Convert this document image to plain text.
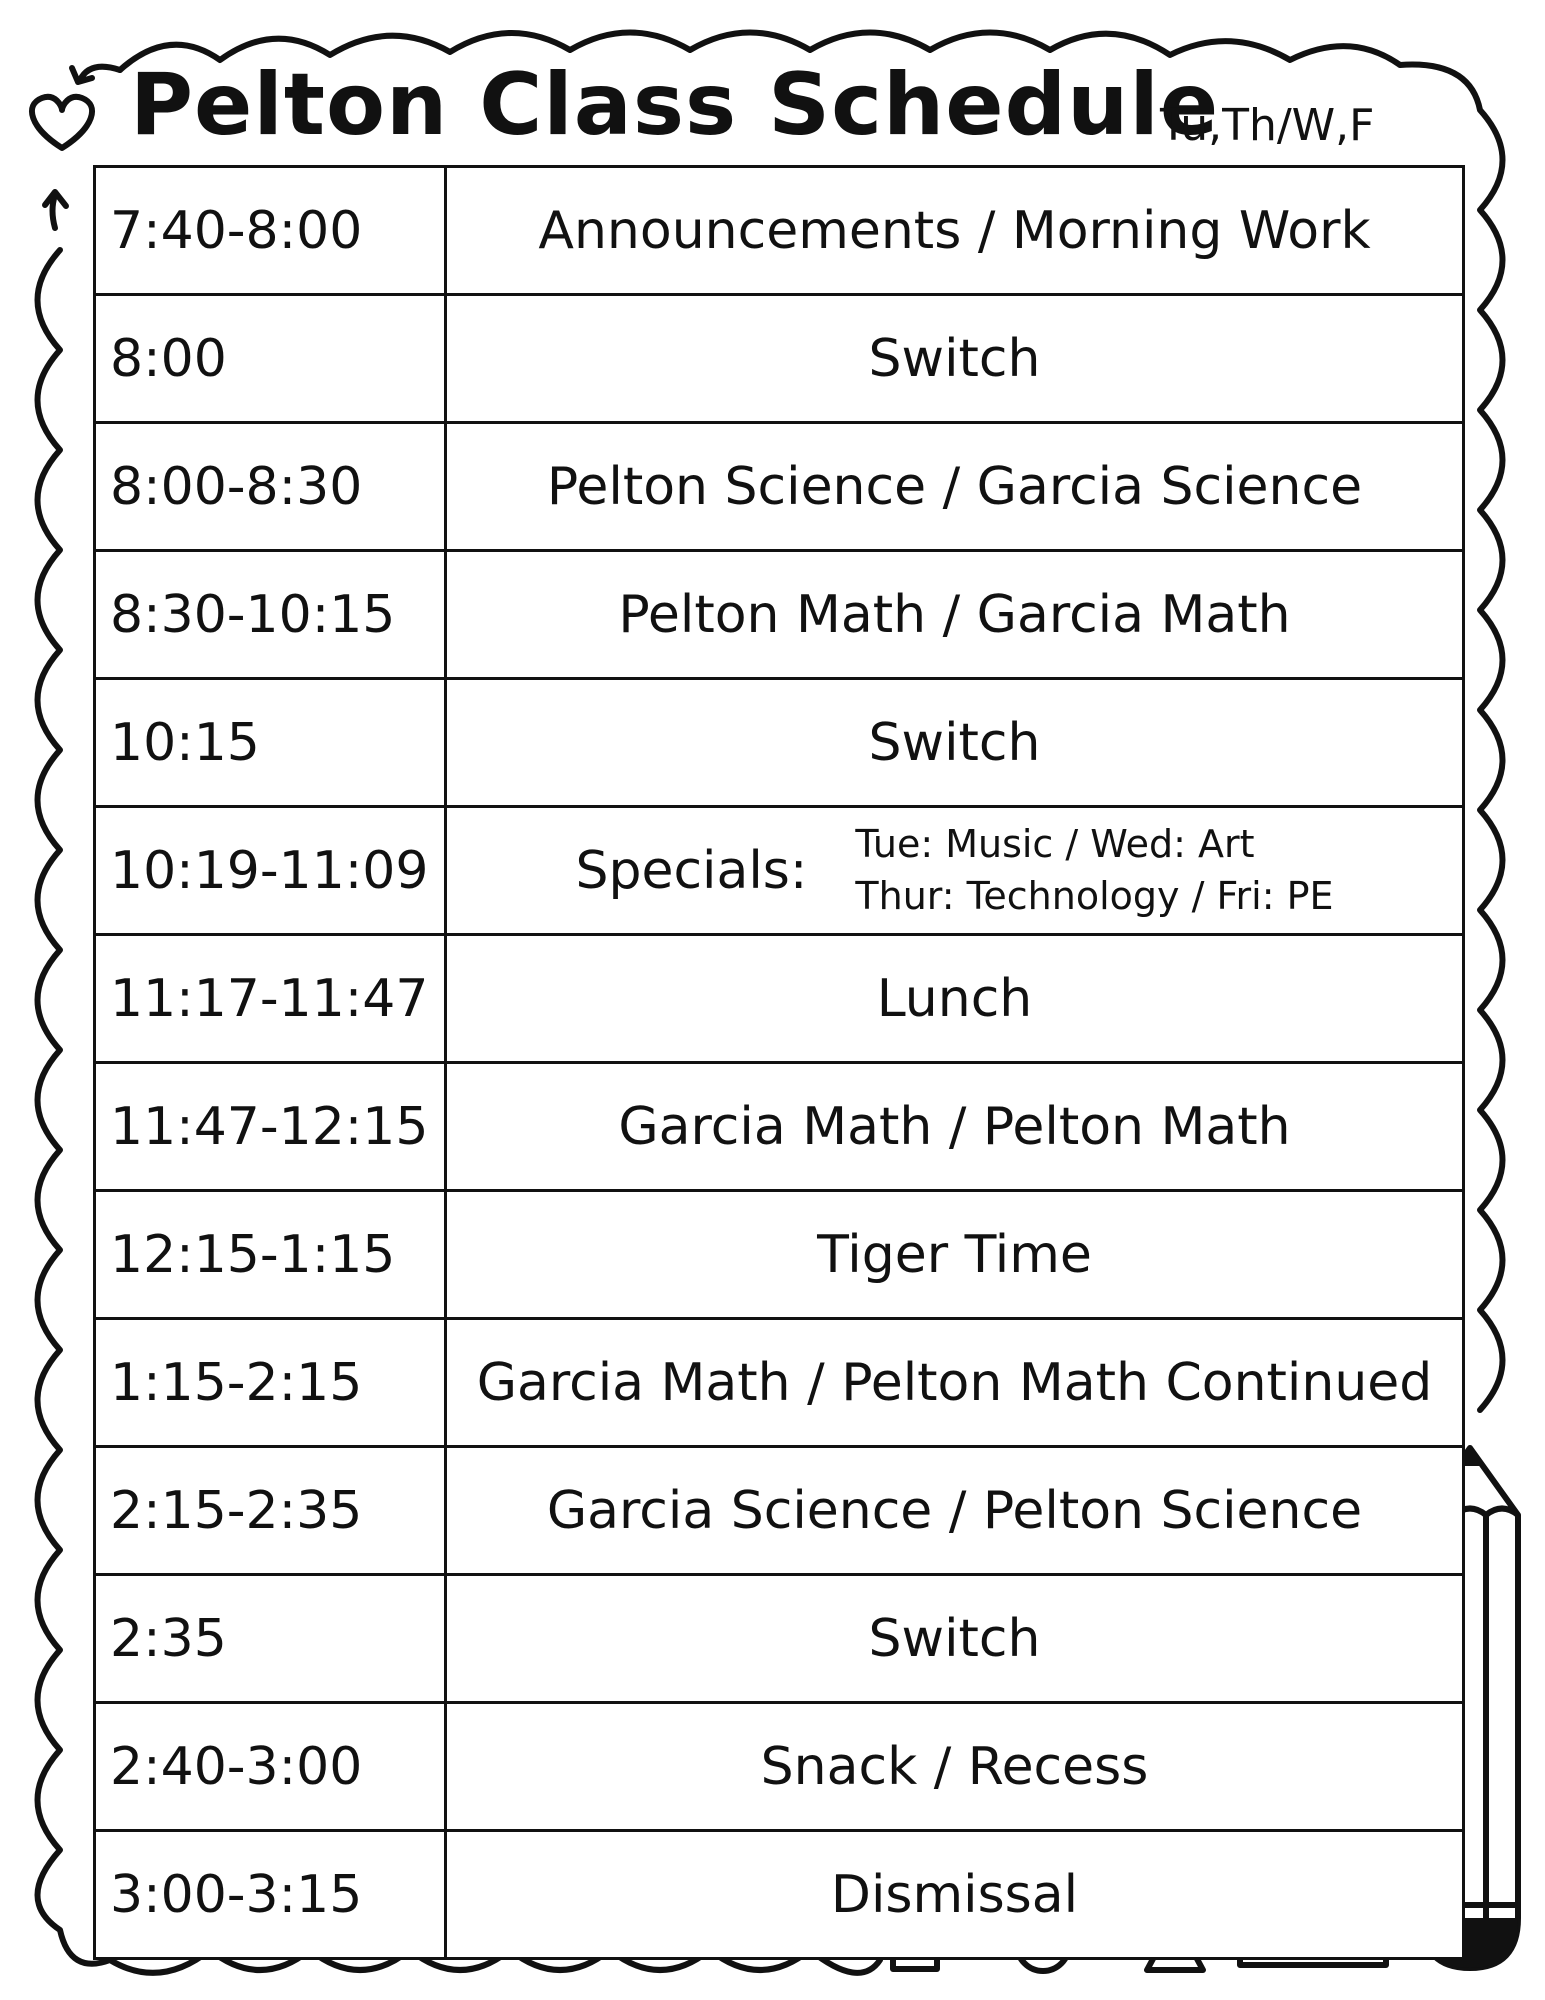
Pelton Class Schedule
Tu,Th/W,F
7:40-8:00	Announcements / Morning Work
8:00	Switch
8:00-8:30	Pelton Science / Garcia Science
8:30-10:15	Pelton Math / Garcia Math
10:15	Switch
10:19-11:09	Specials: Tue: Music / Wed: Art
Thur: Technology / Fri: PE

11:17-11:47	Lunch
11:47-12:15	Garcia Math / Pelton Math
12:15-1:15	Tiger Time
1:15-2:15	Garcia Math / Pelton Math Continued
2:15-2:35	Garcia Science / Pelton Science
2:35	Switch
2:40-3:00	Snack / Recess
3:00-3:15	Dismissal
